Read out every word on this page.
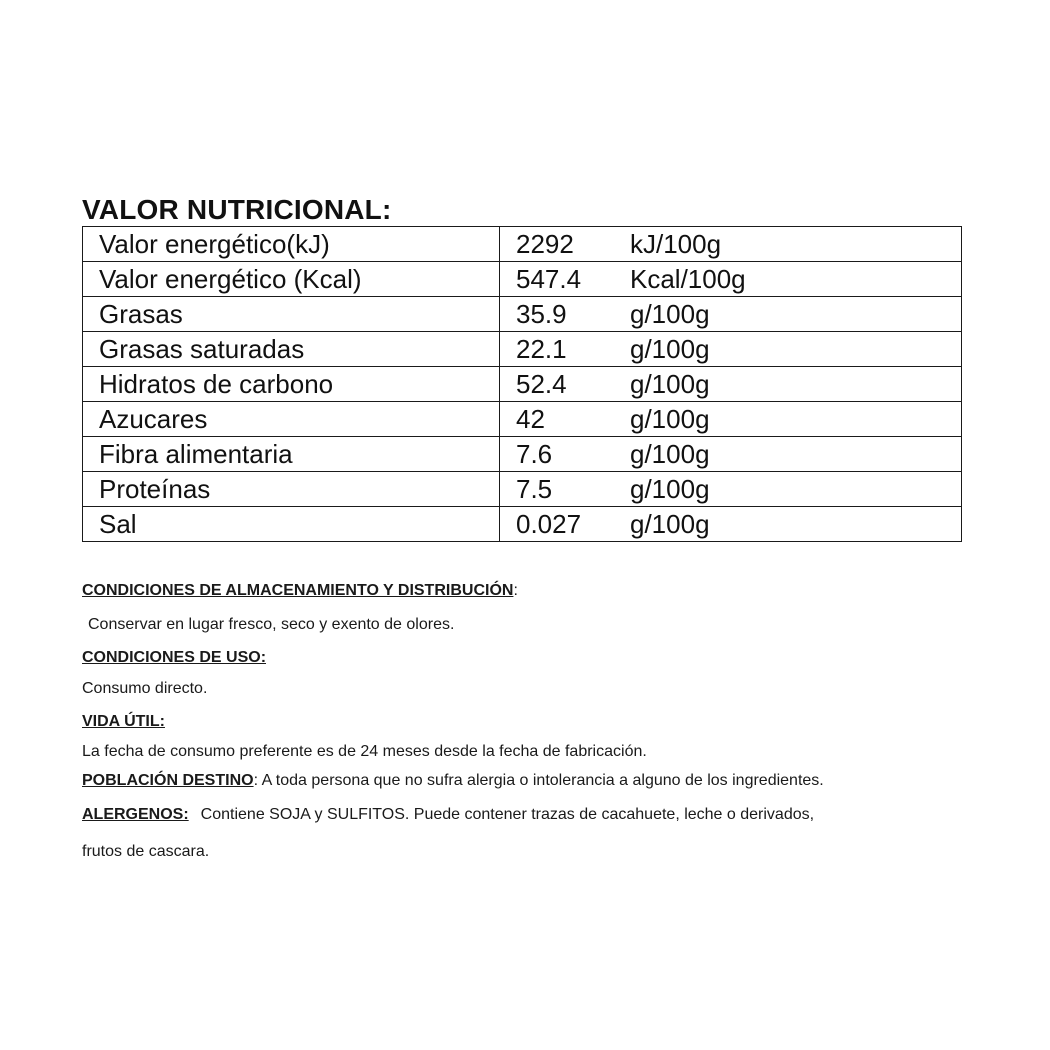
VALOR NUTRICIONAL:
Valor energético(kJ)	2292 kJ/100g

Valor energético (Kcal)	547.4 Kcal/100g

Grasas	35.9 g/100g

Grasas saturadas	22.1 g/100g

Hidratos de carbono	52.4 g/100g

Azucares	42 g/100g

Fibra alimentaria	7.6 g/100g

Proteínas	7.5 g/100g

Sal	0.027 g/100g
CONDICIONES DE ALMACENAMIENTO Y DISTRIBUCIÓN:
Conservar en lugar fresco, seco y exento de olores.
CONDICIONES DE USO:
Consumo directo.
VIDA ÚTIL:
La fecha de consumo preferente es de 24 meses desde la fecha de fabricación.
POBLACIÓN DESTINO: A toda persona que no sufra alergia o intolerancia a alguno de los ingredientes.
ALERGENOS: Contiene SOJA y SULFITOS. Puede contener trazas de cacahuete, leche o derivados,
frutos de cascara.
